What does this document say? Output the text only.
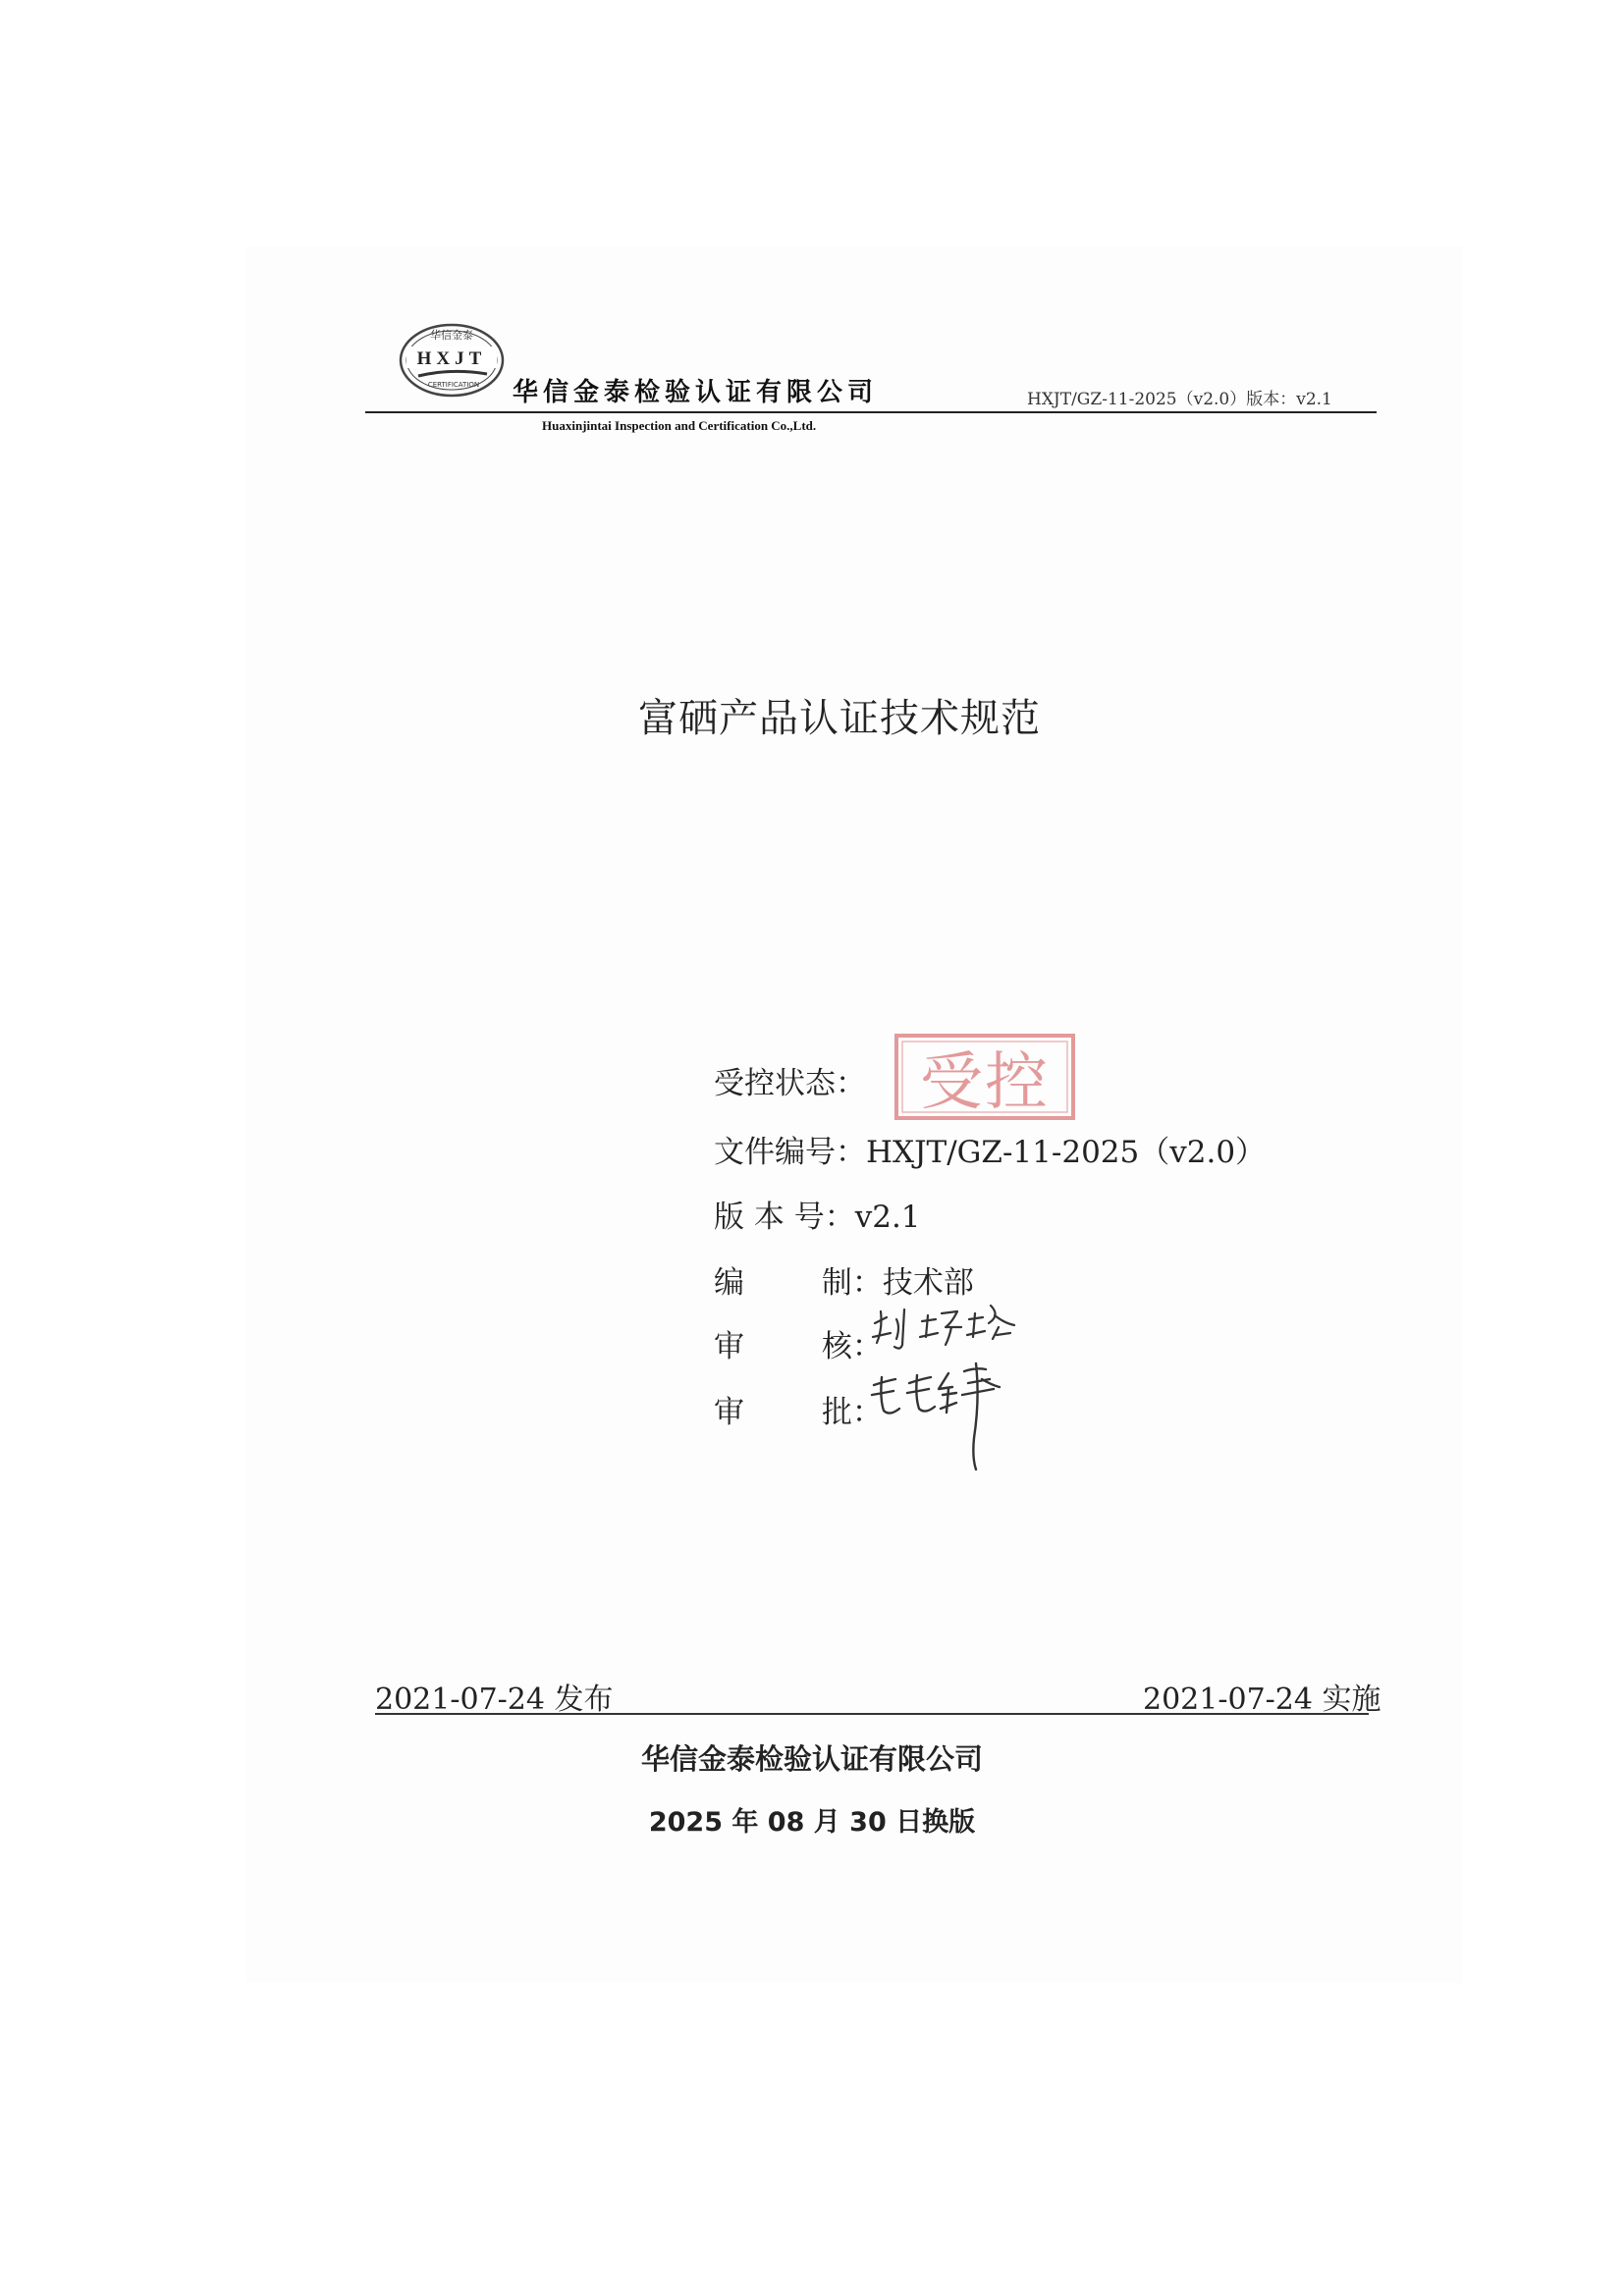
华信金泰
HXJT
CERTIFICATION 华信金泰检验认证有限公司
Huaxinjintai Inspection and Certification Co.,Ltd.
HXJT/GZ-11-2025（v2.0）版本：v2.1
富硒产品认证技术规范
受控状态： 受控
文件编号：HXJT/GZ-11-2025（v2.0）
版 本 号：v2.1
编        制：技术部
审        核：
审        批：
2021-07-24 发布	2021-07-24 实施
华信金泰检验认证有限公司
2025 年 08 月 30 日换版
